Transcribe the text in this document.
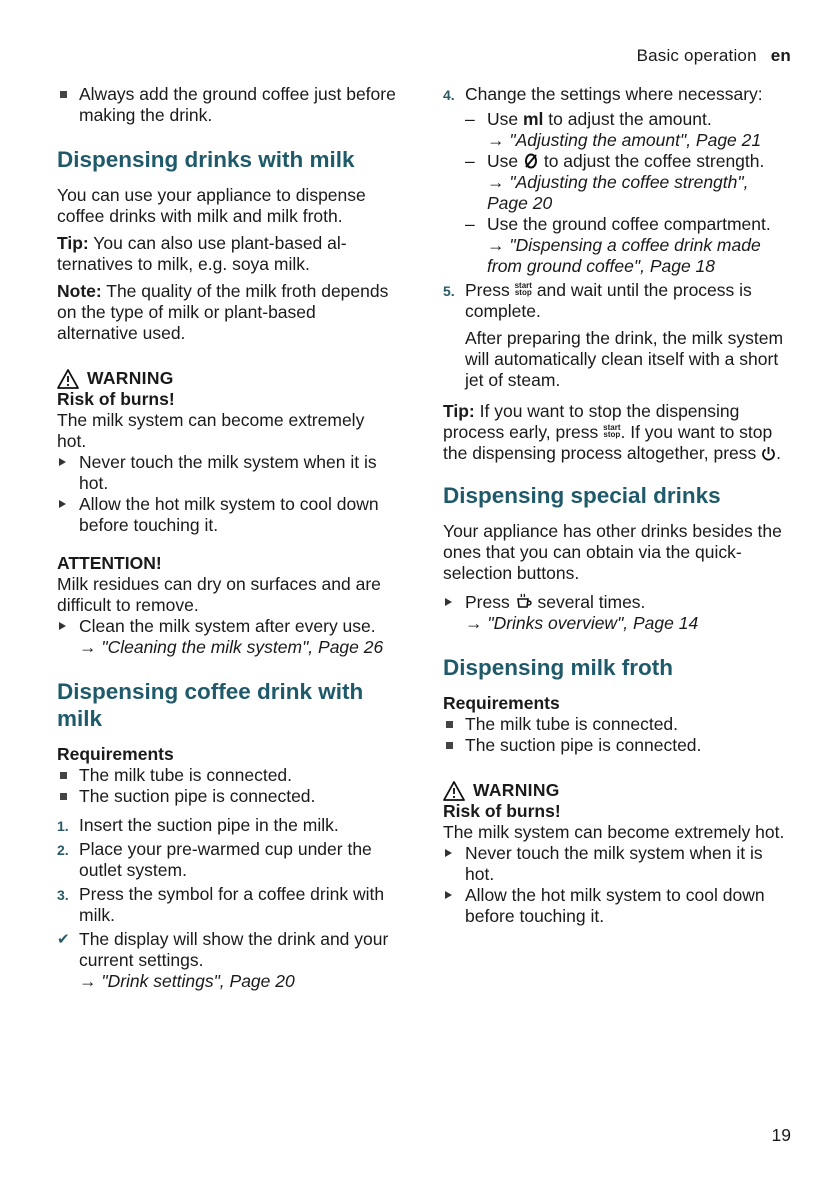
Basic operation en
Always add the ground coffee just before making the drink.
Dispensing drinks with milk

You can use your appliance to dispense coffee drinks with milk and milk froth.

Tip: You can also use plant-based alternatives to milk, e.g. soya milk.

Note: The quality of the milk froth depends on the type of milk or plant-based alternative used.

WARNING
Risk of burns!
The milk system can become extremely hot.
Never touch the milk system when it is hot.
Allow the hot milk system to cool down before touching it.
ATTENTION!
Milk residues can dry on surfaces and are difficult to remove.
Clean the milk system after every use.
→ "Cleaning the milk system", Page 26
Dispensing coffee drink with milk
Requirements
The milk tube is connected.
The suction pipe is connected.
1. Insert the suction pipe in the milk.
2. Place your pre-warmed cup under the outlet system.
3. Press the symbol for a coffee drink with milk.
✔ The display will show the drink and your current settings.
→ "Drink settings", Page 20
4. Change the settings where necessary:
– Use ml to adjust the amount.
→ "Adjusting the amount", Page 21
– Use  to adjust the coffee strength.
→ "Adjusting the coffee strength", Page 20
– Use the ground coffee compartment.
→ "Dispensing a coffee drink made from ground coffee", Page 18
5. Press start
stop and wait until the process is complete.
After preparing the drink, the milk system will automatically clean itself with a short jet of steam.

Tip: If you want to stop the dispensing process early, press start
stop. If you want to stop the dispensing process altogether, press .

Dispensing special drinks

Your appliance has other drinks besides the ones that you can obtain via the quick-selection buttons.

Press  several times.
→ "Drinks overview", Page 14
Dispensing milk froth
Requirements
The milk tube is connected.
The suction pipe is connected.
WARNING
Risk of burns!
The milk system can become extremely hot.
Never touch the milk system when it is hot.
Allow the hot milk system to cool down before touching it.
19
